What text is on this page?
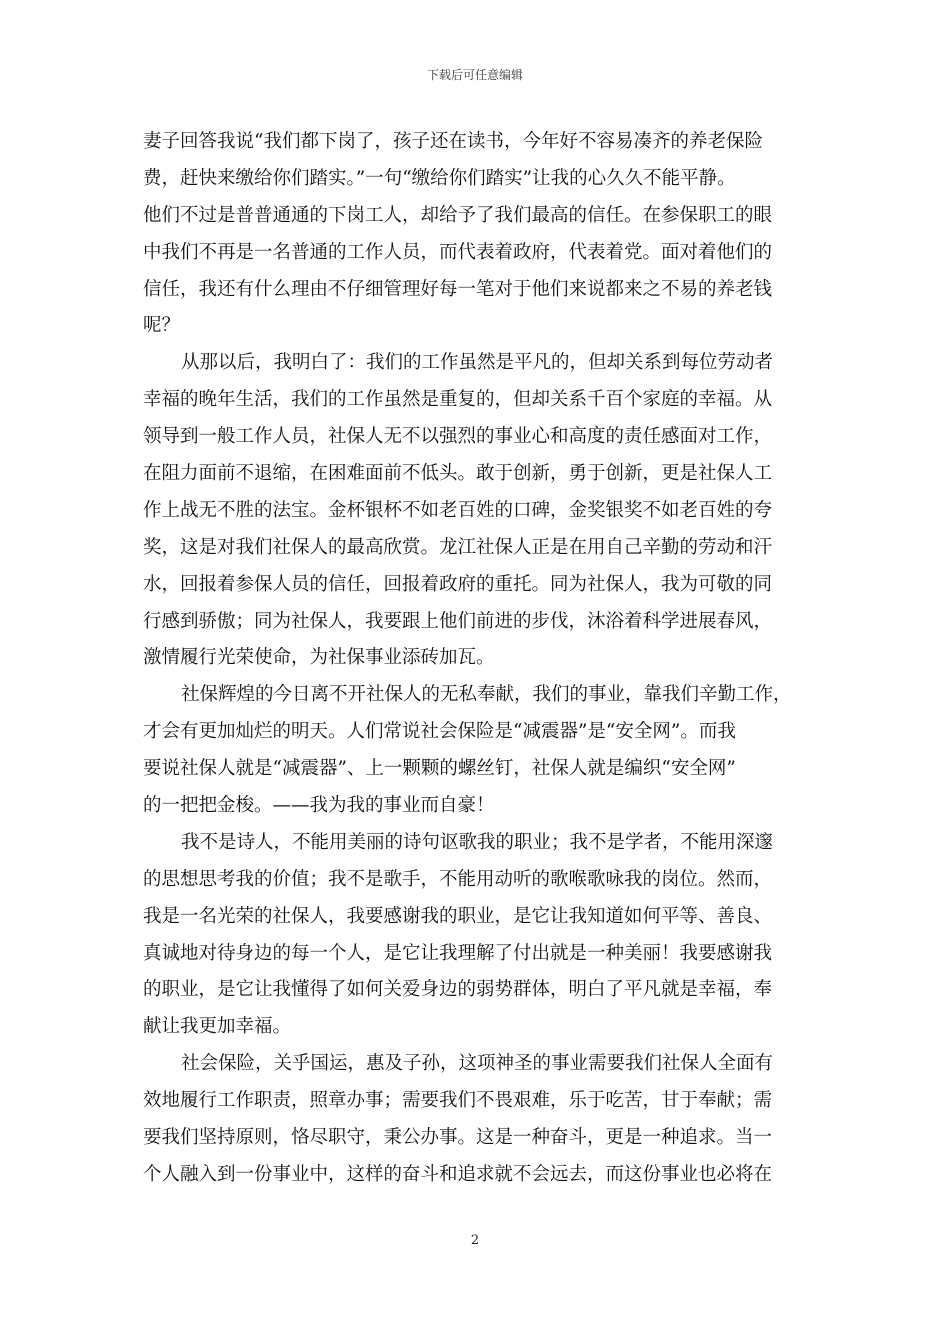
下载后可任意编辑
妻子回答我说“我们都下岗了，孩子还在读书，今年好不容易凑齐的养老保险
费，赶快来缴给你们踏实。”一句“缴给你们踏实”让我的心久久不能平静。
他们不过是普普通通的下岗工人，却给予了我们最高的信任。在参保职工的眼
中我们不再是一名普通的工作人员，而代表着政府，代表着党。面对着他们的
信任，我还有什么理由不仔细管理好每一笔对于他们来说都来之不易的养老钱
呢？
从那以后，我明白了：我们的工作虽然是平凡的，但却关系到每位劳动者
幸福的晚年生活，我们的工作虽然是重复的，但却关系千百个家庭的幸福。从
领导到一般工作人员，社保人无不以强烈的事业心和高度的责任感面对工作，
在阻力面前不退缩，在困难面前不低头。敢于创新，勇于创新，更是社保人工
作上战无不胜的法宝。金杯银杯不如老百姓的口碑，金奖银奖不如老百姓的夸
奖，这是对我们社保人的最高欣赏。龙江社保人正是在用自己辛勤的劳动和汗
水，回报着参保人员的信任，回报着政府的重托。同为社保人，我为可敬的同
行感到骄傲；同为社保人，我要跟上他们前进的步伐，沐浴着科学进展春风，
激情履行光荣使命，为社保事业添砖加瓦。
社保辉煌的今日离不开社保人的无私奉献，我们的事业，靠我们辛勤工作，
才会有更加灿烂的明天。人们常说社会保险是“减震器”是“安全网”。而我
要说社保人就是“减震器”、上一颗颗的螺丝钉，社保人就是编织“安全网”
的一把把金梭。——我为我的事业而自豪！
我不是诗人，不能用美丽的诗句讴歌我的职业；我不是学者，不能用深邃
的思想思考我的价值；我不是歌手，不能用动听的歌喉歌咏我的岗位。然而，
我是一名光荣的社保人，我要感谢我的职业，是它让我知道如何平等、善良、
真诚地对待身边的每一个人，是它让我理解了付出就是一种美丽！我要感谢我
的职业，是它让我懂得了如何关爱身边的弱势群体，明白了平凡就是幸福，奉
献让我更加幸福。
社会保险，关乎国运，惠及子孙，这项神圣的事业需要我们社保人全面有
效地履行工作职责，照章办事；需要我们不畏艰难，乐于吃苦，甘于奉献；需
要我们坚持原则，恪尽职守，秉公办事。这是一种奋斗，更是一种追求。当一
个人融入到一份事业中，这样的奋斗和追求就不会远去，而这份事业也必将在
2
